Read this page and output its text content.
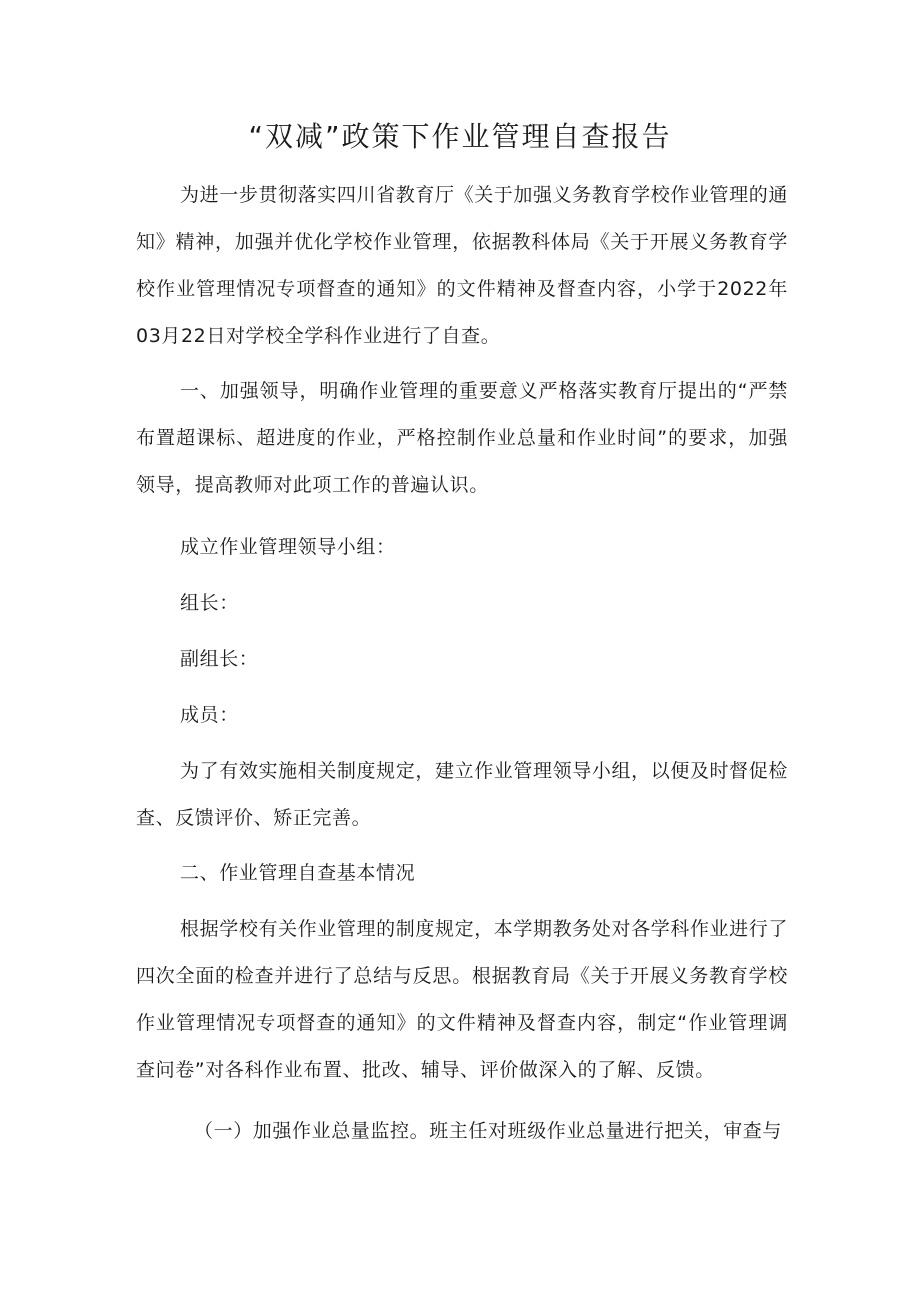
“双减”政策下作业管理自查报告

为进一步贯彻落实四川省教育厅《关于加强义务教育学校作业管理的通知》精神，加强并优化学校作业管理，依据教科体局《关于开展义务教育学校作业管理情况专项督查的通知》的文件精神及督查内容，小学于2022年03月22日对学校全学科作业进行了自查。

一、加强领导，明确作业管理的重要意义严格落实教育厅提出的“严禁布置超课标、超进度的作业，严格控制作业总量和作业时间”的要求，加强领导，提高教师对此项工作的普遍认识。

成立作业管理领导小组：

组长：

副组长：

成员：

为了有效实施相关制度规定，建立作业管理领导小组，以便及时督促检查、反馈评价、矫正完善。

二、作业管理自查基本情况

根据学校有关作业管理的制度规定，本学期教务处对各学科作业进行了四次全面的检查并进行了总结与反思。根据教育局《关于开展义务教育学校作业管理情况专项督查的通知》的文件精神及督查内容，制定“作业管理调查问卷”对各科作业布置、批改、辅导、评价做深入的了解、反馈。

（一）加强作业总量监控。班主任对班级作业总量进行把关，审查与
